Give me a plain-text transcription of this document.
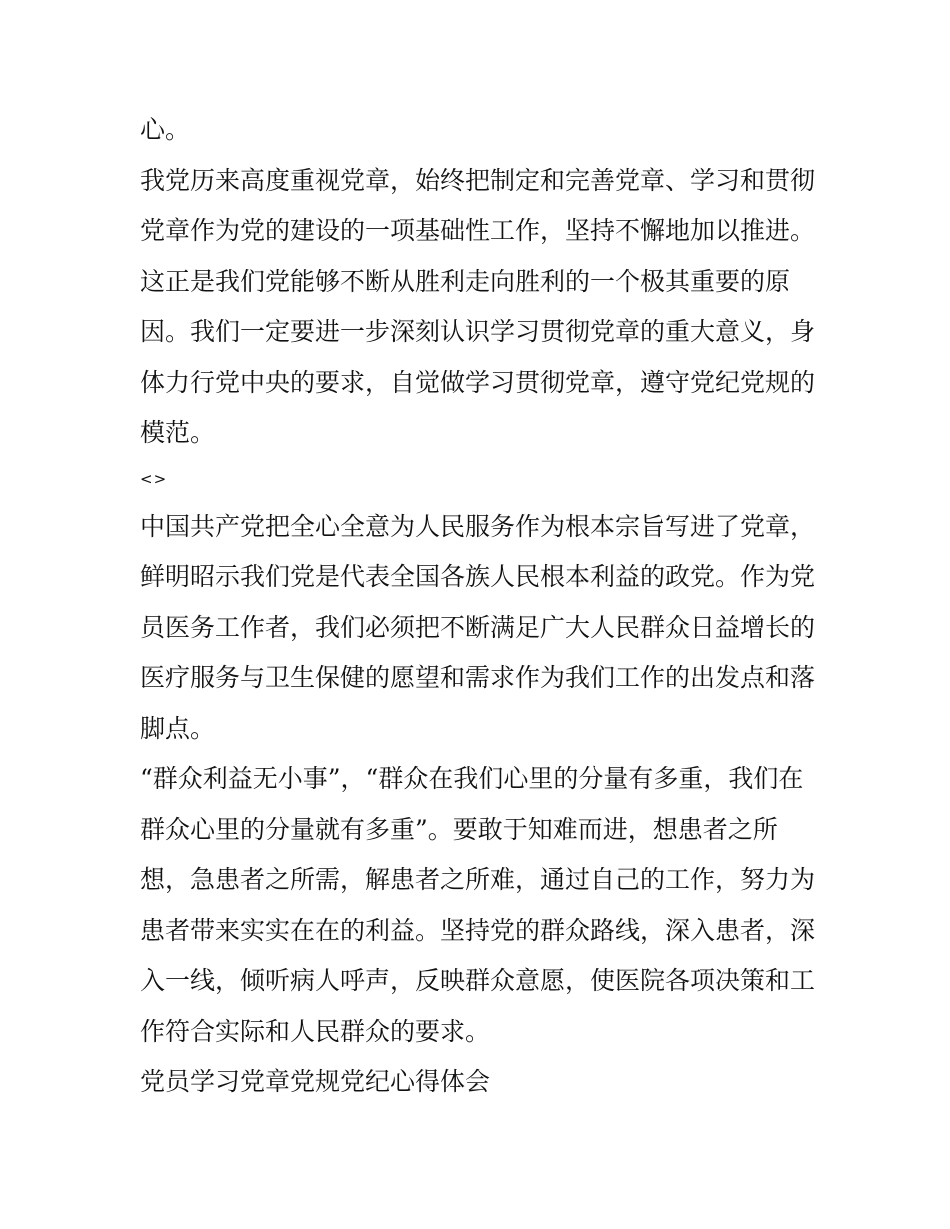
心。
我党历来高度重视党章，始终把制定和完善党章、学习和贯彻
党章作为党的建设的一项基础性工作，坚持不懈地加以推进。
这正是我们党能够不断从胜利走向胜利的一个极其重要的原
因。我们一定要进一步深刻认识学习贯彻党章的重大意义，身
体力行党中央的要求，自觉做学习贯彻党章，遵守党纪党规的
模范。
<>
中国共产党把全心全意为人民服务作为根本宗旨写进了党章，
鲜明昭示我们党是代表全国各族人民根本利益的政党。作为党
员医务工作者，我们必须把不断满足广大人民群众日益增长的
医疗服务与卫生保健的愿望和需求作为我们工作的出发点和落
脚点。
“群众利益无小事”，“群众在我们心里的分量有多重，我们在
群众心里的分量就有多重”。要敢于知难而进，想患者之所
想，急患者之所需，解患者之所难，通过自己的工作，努力为
患者带来实实在在的利益。坚持党的群众路线，深入患者，深
入一线，倾听病人呼声，反映群众意愿，使医院各项决策和工
作符合实际和人民群众的要求。
党员学习党章党规党纪心得体会
